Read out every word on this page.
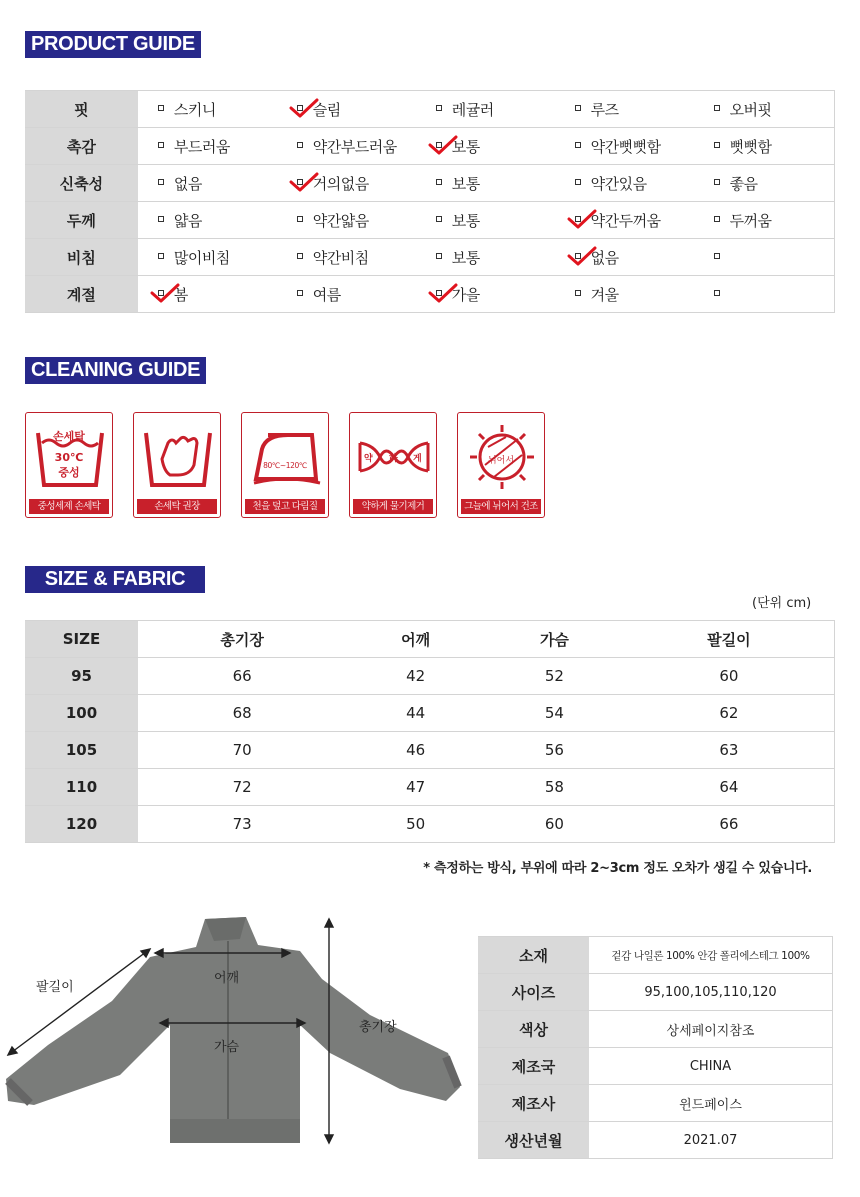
PRODUCT GUIDE
핏	스키니	슬림	레귤러	루즈	오버핏
촉감	부드러움	약간부드러움	보통	약간뻣뻣함	뻣뻣함
신축성	없음	거의없음	보통	약간있음	좋음
두께	얇음	약간얇음	보통	약간두꺼움	두꺼움
비침	많이비침	약간비침	보통	없음

계절	봄	여름	가을	겨울	
CLEANING GUIDE
손세탁
30℃
중성
중성세제 손세탁	손세탁 권장
80℃~120℃
천을 덮고 다림질
약 하 게
약하게 물기제거
뉘어서
그늘에 뉘어서 건조
SIZE & FABRIC
(단위 cm)
SIZE	총기장	어깨	가슴	팔길이
95	66	42	52	60
100	68	44	54	62
105	70	46	56	63
110	72	47	58	64
120	73	50	60	66
* 측정하는 방식, 부위에 따라 2~3cm 정도 오차가 생길 수 있습니다.
팔길이
어깨
가슴
총기장
소재	겉감 나일론 100% 안감 폴리에스테그 100%
사이즈	95,100,105,110,120
색상	상세페이지참조
제조국	CHINA
제조사	윈드페이스
생산년월	2021.07
